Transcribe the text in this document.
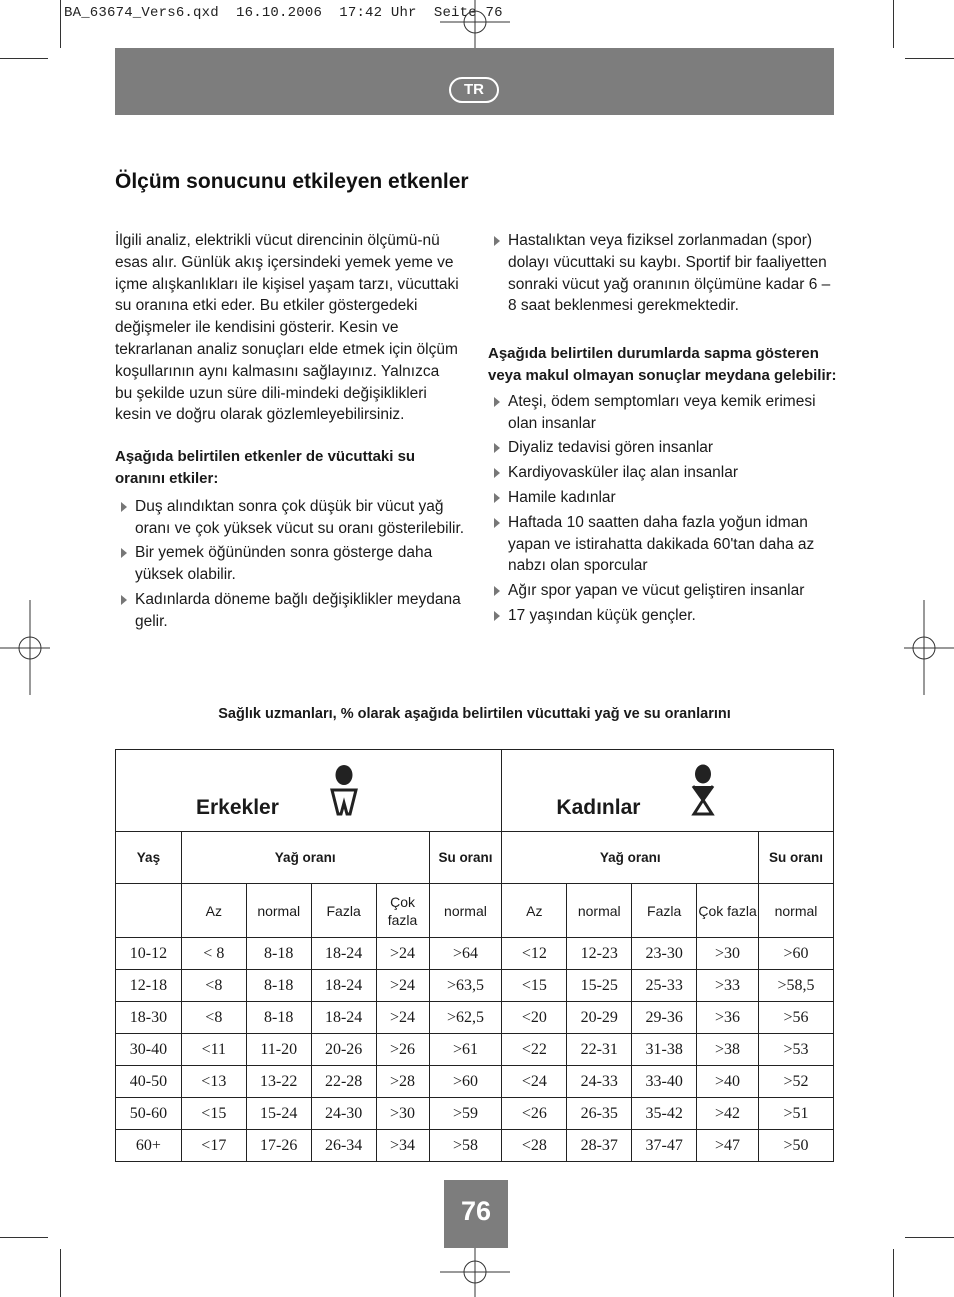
BA_63674_Vers6.qxd  16.10.2006  17:42 Uhr  Seite 76
TR
Ölçüm sonucunu etkileyen etkenler

İlgili analiz, elektrikli vücut direncinin ölçümü-nü esas alır. Günlük akış içersindeki yemek yeme ve içme alışkanlıkları ile kişisel yaşam tarzı, vücuttaki su oranına etki eder. Bu etkiler göstergedeki değişmeler ile kendisini gösterir. Kesin ve tekrarlanan analiz sonuçları elde etmek için ölçüm koşullarının aynı kalmasını sağlayınız. Yalnızca bu şekilde uzun süre dili-mindeki değişiklikleri kesin ve doğru olarak gözlemleyebilirsiniz.

Aşağıda belirtilen etkenler de vücuttaki su oranını etkiler:

Duş alındıktan sonra çok düşük bir vücut yağ oranı ve çok yüksek vücut su oranı gösterilebilir.
Bir yemek öğününden sonra gösterge daha yüksek olabilir.
Kadınlarda döneme bağlı değişiklikler meydana gelir.
Hastalıktan veya fiziksel zorlanmadan (spor) dolayı vücuttaki su kaybı. Sportif bir faaliyetten sonraki vücut yağ oranının ölçümüne kadar 6 – 8 saat beklenmesi gerekmektedir.

Aşağıda belirtilen durumlarda sapma gösteren veya makul olmayan sonuçlar meydana gelebilir:

Ateşi, ödem semptomları veya kemik erimesi olan insanlar
Diyaliz tedavisi gören insanlar
Kardiyovasküler ilaç alan insanlar
Hamile kadınlar
Haftada 10 saatten daha fazla yoğun idman yapan ve istirahatta dakikada 60'tan daha az nabzı olan sporcular
Ağır spor yapan ve vücut geliştiren insanlar
17 yaşından küçük gençler.
Sağlık uzmanları, % olarak aşağıda belirtilen vücuttaki yağ ve su oranlarını
Erkekler						Kadınlar				

Yaş	Yağ oranı				Su oranı	Yağ oranı				Su oranı
	Az	normal	Fazla	Çok fazla	normal	Az	normal	Fazla	Çok fazla	normal
10-12	< 8	8-18	18-24	>24	>64	<12	12-23	23-30	>30	>60
12-18	<8	8-18	18-24	>24	>63,5	<15	15-25	25-33	>33	>58,5
18-30	<8	8-18	18-24	>24	>62,5	<20	20-29	29-36	>36	>56
30-40	<11	11-20	20-26	>26	>61	<22	22-31	31-38	>38	>53
40-50	<13	13-22	22-28	>28	>60	<24	24-33	33-40	>40	>52
50-60	<15	15-24	24-30	>30	>59	<26	26-35	35-42	>42	>51
60+	<17	17-26	26-34	>34	>58	<28	28-37	37-47	>47	>50
76
